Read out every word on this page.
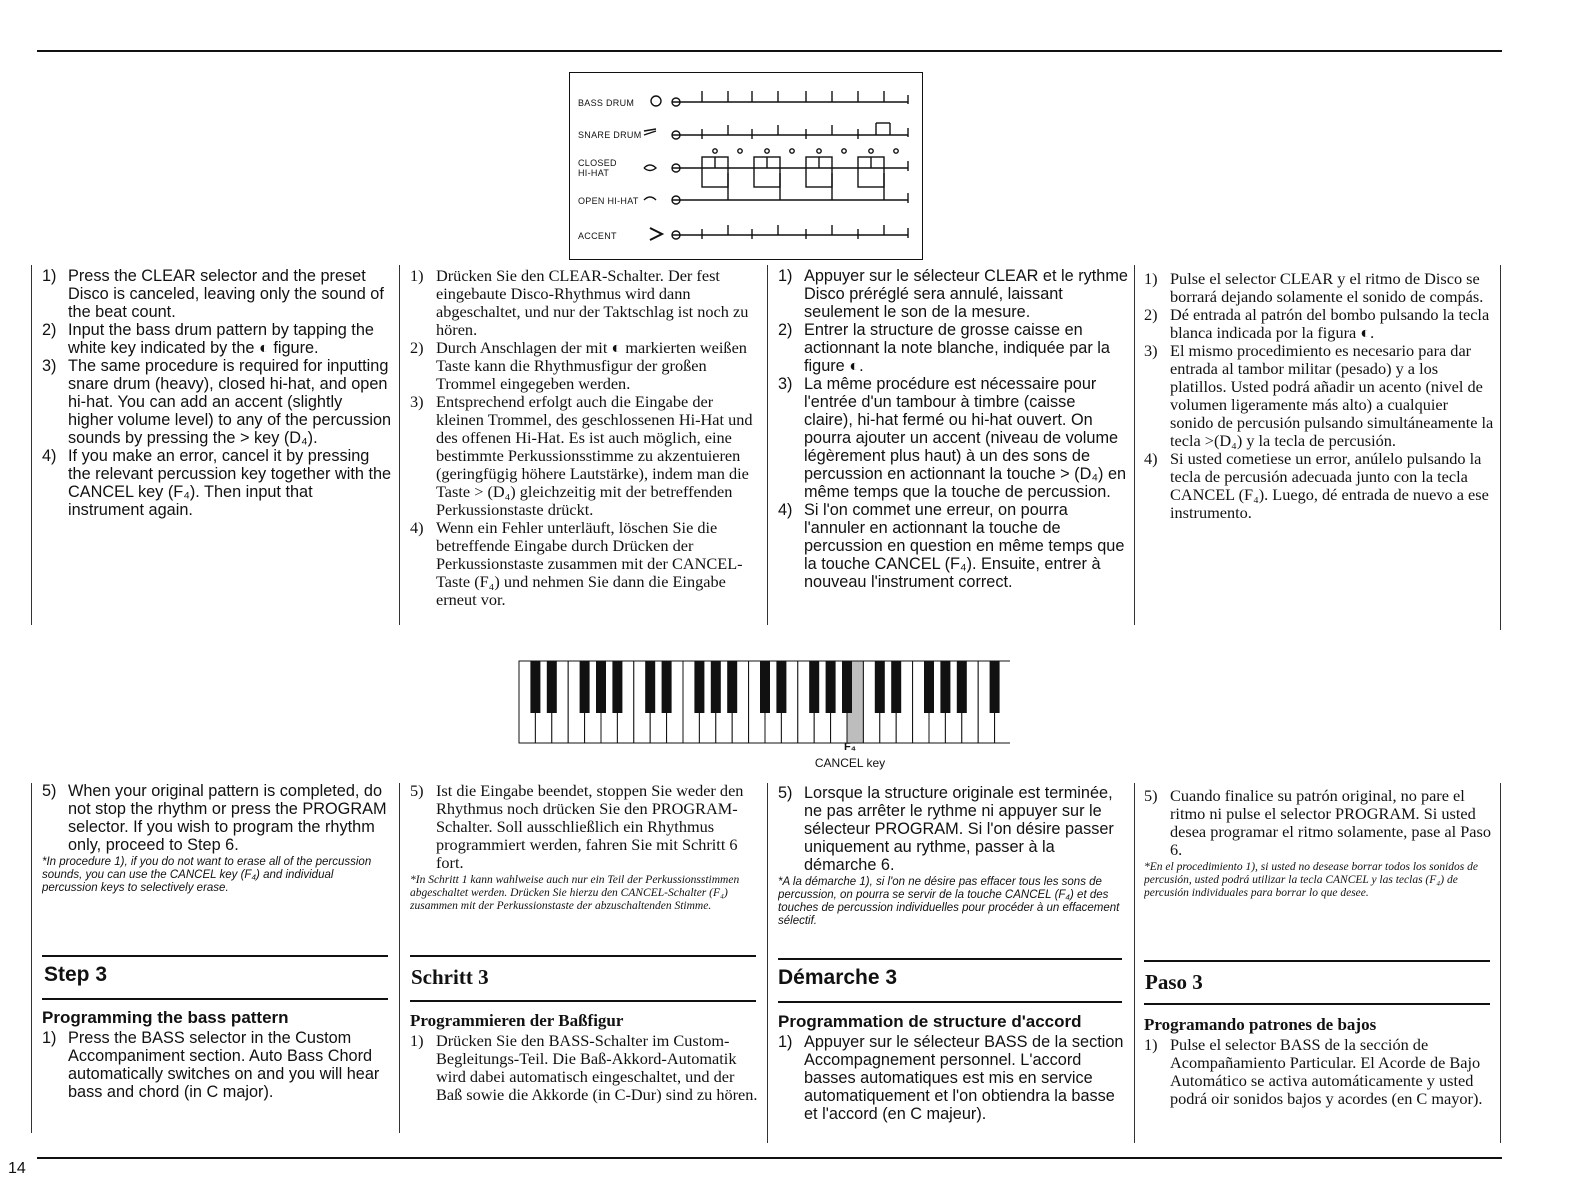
BASS DRUM
SNARE DRUM
CLOSED HI-HAT
OPEN HI-HAT
ACCENT
1) Press the CLEAR selector and the preset Disco is canceled, leaving only the sound of the beat count.
2) Input the bass drum pattern by tapping the white key indicated by the ◐ figure.
3) The same procedure is required for inputting snare drum (heavy), closed hi-hat, and open hi-hat. You can add an accent (slightly higher volume level) to any of the percussion sounds by pressing the > key (D₄).
4) If you make an error, cancel it by pressing the relevant percussion key together with the CANCEL key (F₄). Then input that instrument again.
1) Drücken Sie den CLEAR-Schalter. Der fest eingebaute Disco-Rhythmus wird dann abgeschaltet, und nur der Taktschlag ist noch zu hören.
2) Durch Anschlagen der mit ◐ markierten weißen Taste kann die Rhythmusfigur der großen Trommel eingegeben werden.
3) Entsprechend erfolgt auch die Eingabe der kleinen Trommel, des geschlossenen Hi-Hat und des offenen Hi-Hat. Es ist auch möglich, eine bestimmte Perkussionsstimme zu akzentuieren (geringfügig höhere Lautstärke), indem man die Taste > (D₄) gleichzeitig mit der betreffenden Perkussionstaste drückt.
4) Wenn ein Fehler unterläuft, löschen Sie die betreffende Eingabe durch Drücken der Perkussionstaste zusammen mit der CANCEL-Taste (F₄) und nehmen Sie dann die Eingabe erneut vor.
1) Appuyer sur le sélecteur CLEAR et le rythme Disco préréglé sera annulé, laissant seulement le son de la mesure.
2) Entrer la structure de grosse caisse en actionnant la note blanche, indiquée par la figure ◐.
3) La même procédure est nécessaire pour l'entrée d'un tambour à timbre (caisse claire), hi-hat fermé ou hi-hat ouvert. On pourra ajouter un accent (niveau de volume légèrement plus haut) à un des sons de percussion en actionnant la touche > (D₄) en même temps que la touche de percussion.
4) Si l'on commet une erreur, on pourra l'annuler en actionnant la touche de percussion en question en même temps que la touche CANCEL (F₄). Ensuite, entrer à nouveau l'instrument correct.
1) Pulse el selector CLEAR y el ritmo de Disco se borrará dejando solamente el sonido de compás.
2) Dé entrada al patrón del bombo pulsando la tecla blanca indicada por la figura ◐.
3) El mismo procedimiento es necesario para dar entrada al tambor militar (pesado) y a los platillos. Usted podrá añadir un acento (nivel de volumen ligeramente más alto) a cualquier sonido de percusión pulsando simultáneamente la tecla >(D₄) y la tecla de percusión.
4) Si usted cometiese un error, anúlelo pulsando la tecla de percusión adecuada junto con la tecla CANCEL (F₄). Luego, dé entrada de nuevo a ese instrumento.
F₄
CANCEL key
5) When your original pattern is completed, do not stop the rhythm or press the PROGRAM selector. If you wish to program the rhythm only, proceed to Step 6.
*In procedure 1), if you do not want to erase all of the percussion sounds, you can use the CANCEL key (F₄) and individual percussion keys to selectively erase.
5) Ist die Eingabe beendet, stoppen Sie weder den Rhythmus noch drücken Sie den PROGRAM-Schalter. Soll ausschließlich ein Rhythmus programmiert werden, fahren Sie mit Schritt 6 fort.
*In Schritt 1 kann wahlweise auch nur ein Teil der Perkussionsstimmen abgeschaltet werden. Drücken Sie hierzu den CANCEL-Schalter (F₄) zusammen mit der Perkussionstaste der abzuschaltenden Stimme.
5) Lorsque la structure originale est terminée, ne pas arrêter le rythme ni appuyer sur le sélecteur PROGRAM. Si l'on désire passer uniquement au rythme, passer à la démarche 6.
*A la démarche 1), si l'on ne désire pas effacer tous les sons de percussion, on pourra se servir de la touche CANCEL (F₄) et des touches de percussion individuelles pour procéder à un effacement sélectif.
5) Cuando finalice su patrón original, no pare el ritmo ni pulse el selector PROGRAM. Si usted desea programar el ritmo solamente, pase al Paso 6.
*En el procedimiento 1), si usted no desease borrar todos los sonidos de percusión, usted podrá utilizar la tecla CANCEL y las teclas (F₄) de percusión individuales para borrar lo que desee.
Step 3	Schritt 3	Démarche 3	Paso 3
Programming the bass pattern
1) Press the BASS selector in the Custom Accompaniment section. Auto Bass Chord automatically switches on and you will hear bass and chord (in C major).
Programmieren der Baßfigur
1) Drücken Sie den BASS-Schalter im Custom-Begleitungs-Teil. Die Baß-Akkord-Automatik wird dabei automatisch eingeschaltet, und der Baß sowie die Akkorde (in C-Dur) sind zu hören.
Programmation de structure d'accord
1) Appuyer sur le sélecteur BASS de la section Accompagnement personnel. L'accord basses automatiques est mis en service automatiquement et l'on obtiendra la basse et l'accord (en C majeur).
Programando patrones de bajos
1) Pulse el selector BASS de la sección de Acompañamiento Particular. El Acorde de Bajo Automático se activa automáticamente y usted podrá oir sonidos bajos y acordes (en C mayor).
14
